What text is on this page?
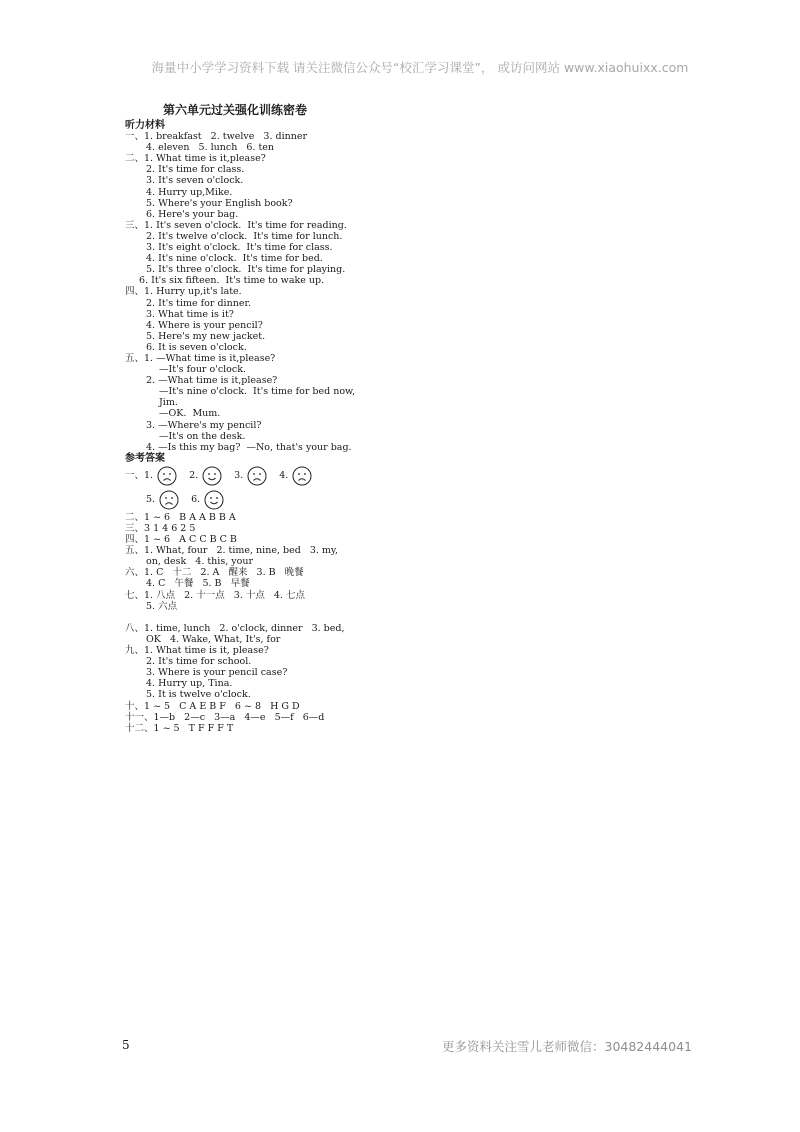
海量中小学学习资料下载 请关注微信公众号“校汇学习课堂”， 或访问网站 www.xiaohuixx.com
第六单元过关强化训练密卷
听力材料
一、1. breakfast   2. twelve   3. dinner
4. eleven   5. lunch   6. ten
二、1. What time is it,please?
2. It's time for class.
3. It's seven o'clock.
4. Hurry up,Mike.
5. Where's your English book?
6. Here's your bag.
三、1. It's seven o'clock.  It's time for reading.
2. It's twelve o'clock.  It's time for lunch.
3. It's eight o'clock.  It's time for class.
4. It's nine o'clock.  It's time for bed.
5. It's three o'clock.  It's time for playing.
6. It's six fifteen.  It's time to wake up.
四、1. Hurry up,it's late.
2. It's time for dinner.
3. What time is it?
4. Where is your pencil?
5. Here's my new jacket.
6. It is seven o'clock.
五、1. —What time is it,please?
—It's four o'clock.
2. —What time is it,please?
—It's nine o'clock.  It's time for bed now,
Jim.
—OK.  Mum.
3. —Where's my pencil?
—It's on the desk.
4. —Is this my bag?  —No, that's your bag.
参考答案
一、 1.	2.	3.	4.
5.	6.
二、1 ~ 6   B A A B B A
三、3 1 4 6 2 5
四、1 ~ 6   A C C B C B
五、1. What, four   2. time, nine, bed   3. my,
on, desk   4. this, your
六、1. C   十二   2. A   醒来   3. B   晚餐
4. C   午餐   5. B   早餐
七、1. 八点   2. 十一点   3. 十点   4. 七点
5. 六点

八、1. time, lunch   2. o'clock, dinner   3. bed,
OK   4. Wake, What, It's, for
九、1. What time is it, please?
2. It's time for school.
3. Where is your pencil case?
4. Hurry up, Tina.
5. It is twelve o'clock.
十、1 ~ 5   C A E B F   6 ~ 8   H G D
十一、1—b   2—c   3—a   4—e   5—f   6—d
十二、1 ~ 5   T F F F T
5	更多资料关注雪儿老师微信：30482444041
